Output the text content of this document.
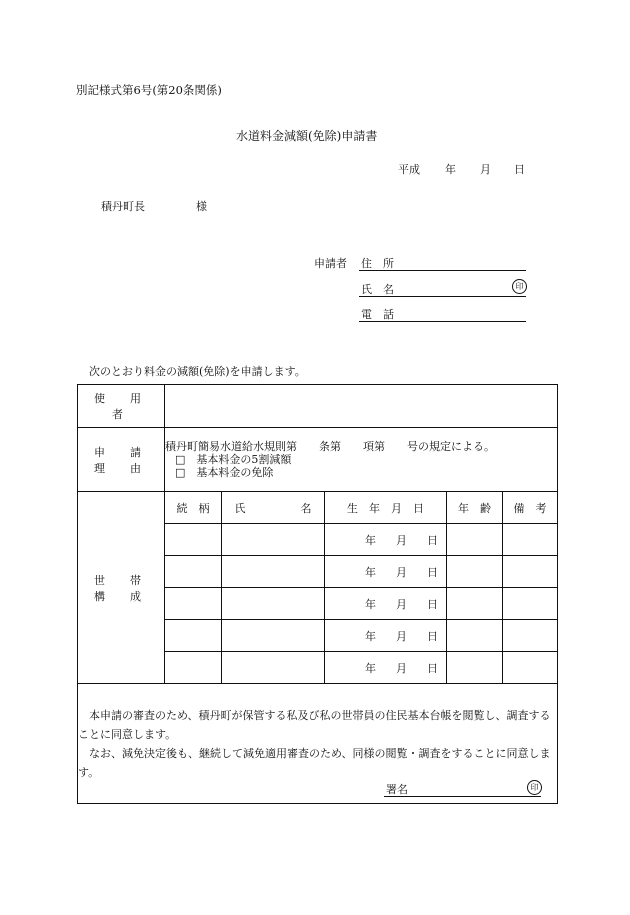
別記様式第6号(第20条関係)
水道料金減額(免除)申請書
平成 年 月 日
積丹町長	様
申請者 住　所
氏　名	印
電　話
次のとおり料金の減額(免除)を申請します。
使　用　者					
申　請　理　由	積丹町簡易水道給水規則第　　条第　　項第　　号の規定による。
□　基本料金の5割減額
□　基本料金の免除				

世　帯　構　成	続　柄	氏　　　　　名	生　年　月　日	年　齢	備　考

			年 月 日		

			年 月 日		

			年 月 日		

			年 月 日		

			年 月 日		

本申請の審査のため、積丹町が保管する私及び私の世帯員の住民基本台帳を閲覧し、調査することに同意します。

なお、減免決定後も、継続して減免適用審査のため、同様の閲覧・調査をすることに同意します。

署名 印					
